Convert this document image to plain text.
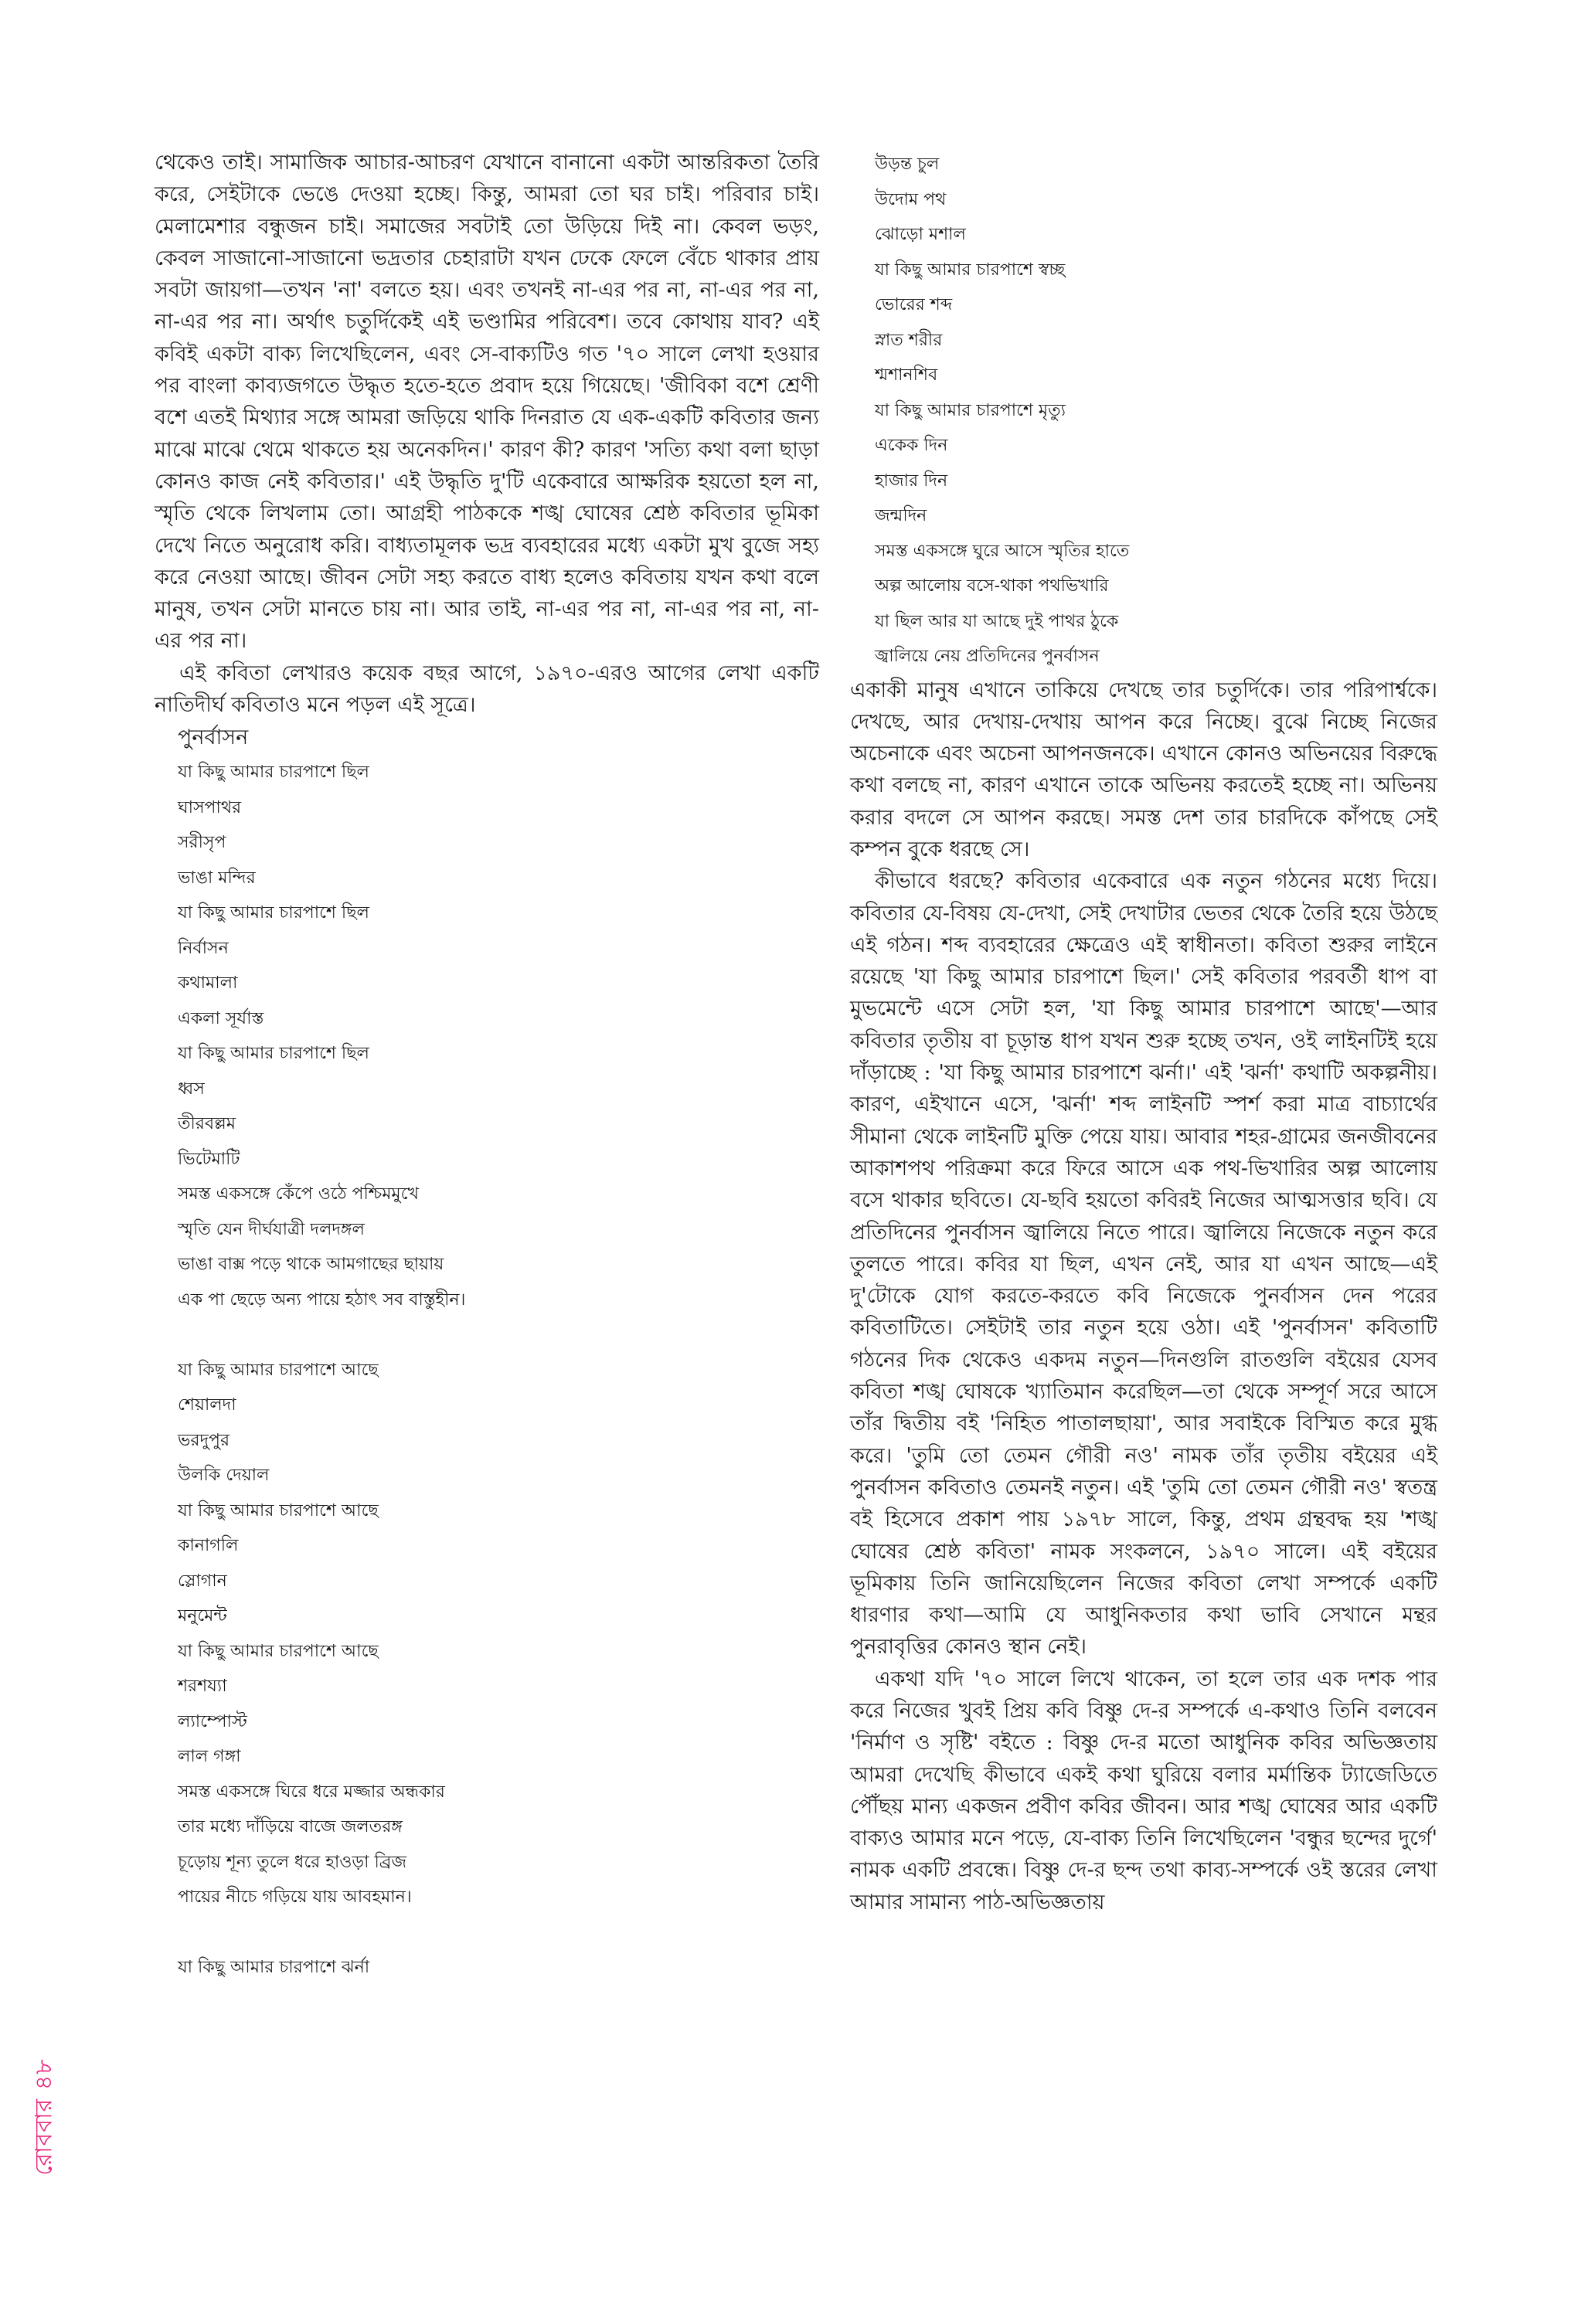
থেকেও তাই। সামাজিক আচার-আচরণ যেখানে বানানো একটা আন্তরিকতা তৈরি করে, সেইটাকে ভেঙে দেওয়া হচ্ছে। কিন্তু, আমরা তো ঘর চাই। পরিবার চাই। মেলামেশার বন্ধুজন চাই। সমাজের সবটাই তো উড়িয়ে দিই না। কেবল ভড়ং, কেবল সাজানো-সাজানো ভদ্রতার চেহারাটা যখন ঢেকে ফেলে বেঁচে থাকার প্রায় সবটা জায়গা—তখন 'না' বলতে হয়। এবং তখনই না-এর পর না, না-এর পর না, না-এর পর না। অর্থাৎ চতুর্দিকেই এই ভণ্ডামির পরিবেশ। তবে কোথায় যাব? এই কবিই একটা বাক্য লিখেছিলেন, এবং সে-বাক্যটিও গত '৭০ সালে লেখা হওয়ার পর বাংলা কাব্যজগতে উদ্ধৃত হতে-হতে প্রবাদ হয়ে গিয়েছে। 'জীবিকা বশে শ্রেণী বশে এতই মিথ্যার সঙ্গে আমরা জড়িয়ে থাকি দিনরাত যে এক-একটি কবিতার জন্য মাঝে মাঝে থেমে থাকতে হয় অনেকদিন।' কারণ কী? কারণ 'সত্যি কথা বলা ছাড়া কোনও কাজ নেই কবিতার।' এই উদ্ধৃতি দু'টি একেবারে আক্ষরিক হয়তো হল না, স্মৃতি থেকে লিখলাম তো। আগ্রহী পাঠককে শঙ্খ ঘোষের শ্রেষ্ঠ কবিতার ভূমিকা দেখে নিতে অনুরোধ করি। বাধ্যতামূলক ভদ্র ব্যবহারের মধ্যে একটা মুখ বুজে সহ্য করে নেওয়া আছে। জীবন সেটা সহ্য করতে বাধ্য হলেও কবিতায় যখন কথা বলে মানুষ, তখন সেটা মানতে চায় না। আর তাই, না-এর পর না, না-এর পর না, না-এর পর না।

এই কবিতা লেখারও কয়েক বছর আগে, ১৯৭০-এরও আগের লেখা একটি নাতিদীর্ঘ কবিতাও মনে পড়ল এই সূত্রে।

পুনর্বাসন
যা কিছু আমার চারপাশে ছিল
ঘাসপাথর
সরীসৃপ
ভাঙা মন্দির
যা কিছু আমার চারপাশে ছিল
নির্বাসন
কথামালা
একলা সূর্যাস্ত
যা কিছু আমার চারপাশে ছিল
ধ্বস
তীরবল্লম
ভিটেমাটি
সমস্ত একসঙ্গে কেঁপে ওঠে পশ্চিমমুখে
স্মৃতি যেন দীর্ঘযাত্রী দলদঙ্গল
ভাঙা বাক্স পড়ে থাকে আমগাছের ছায়ায়
এক পা ছেড়ে অন্য পায়ে হঠাৎ সব বাস্তুহীন।
যা কিছু আমার চারপাশে আছে
শেয়ালদা
ভরদুপুর
উলকি দেয়াল
যা কিছু আমার চারপাশে আছে
কানাগলি
স্লোগান
মনুমেন্ট
যা কিছু আমার চারপাশে আছে
শরশয্যা
ল্যাম্পোস্ট
লাল গঙ্গা
সমস্ত একসঙ্গে ঘিরে ধরে মজ্জার অন্ধকার
তার মধ্যে দাঁড়িয়ে বাজে জলতরঙ্গ
চূড়োয় শূন্য তুলে ধরে হাওড়া ব্রিজ
পায়ের নীচে গড়িয়ে যায় আবহমান।
যা কিছু আমার চারপাশে ঝর্না
উড়ন্ত চুল
উদোম পথ
ঝোড়ো মশাল
যা কিছু আমার চারপাশে স্বচ্ছ
ভোরের শব্দ
স্নাত শরীর
শ্মশানশিব
যা কিছু আমার চারপাশে মৃত্যু
একেক দিন
হাজার দিন
জন্মদিন
সমস্ত একসঙ্গে ঘুরে আসে স্মৃতির হাতে
অল্প আলোয় বসে-থাকা পথভিখারি
যা ছিল আর যা আছে দুই পাথর ঠুকে
জ্বালিয়ে নেয় প্রতিদিনের পুনর্বাসন

একাকী মানুষ এখানে তাকিয়ে দেখছে তার চতুর্দিকে। তার পরিপার্শ্বকে। দেখছে, আর দেখায়-দেখায় আপন করে নিচ্ছে। বুঝে নিচ্ছে নিজের অচেনাকে এবং অচেনা আপনজনকে। এখানে কোনও অভিনয়ের বিরুদ্ধে কথা বলছে না, কারণ এখানে তাকে অভিনয় করতেই হচ্ছে না। অভিনয় করার বদলে সে আপন করছে। সমস্ত দেশ তার চারদিকে কাঁপছে সেই কম্পন বুকে ধরছে সে।

কীভাবে ধরছে? কবিতার একেবারে এক নতুন গঠনের মধ্যে দিয়ে। কবিতার যে-বিষয় যে-দেখা, সেই দেখাটার ভেতর থেকে তৈরি হয়ে উঠছে এই গঠন। শব্দ ব্যবহারের ক্ষেত্রেও এই স্বাধীনতা। কবিতা শুরুর লাইনে রয়েছে 'যা কিছু আমার চারপাশে ছিল।' সেই কবিতার পরবর্তী ধাপ বা মুভমেন্টে এসে সেটা হল, 'যা কিছু আমার চারপাশে আছে'—আর কবিতার তৃতীয় বা চূড়ান্ত ধাপ যখন শুরু হচ্ছে তখন, ওই লাইনটিই হয়ে দাঁড়াচ্ছে : 'যা কিছু আমার চারপাশে ঝর্না।' এই 'ঝর্না' কথাটি অকল্পনীয়। কারণ, এইখানে এসে, 'ঝর্না' শব্দ লাইনটি স্পর্শ করা মাত্র বাচ্যার্থের সীমানা থেকে লাইনটি মুক্তি পেয়ে যায়। আবার শহর-গ্রামের জনজীবনের আকাশপথ পরিক্রমা করে ফিরে আসে এক পথ-ভিখারির অল্প আলোয় বসে থাকার ছবিতে। যে-ছবি হয়তো কবিরই নিজের আত্মসত্তার ছবি। যে প্রতিদিনের পুনর্বাসন জ্বালিয়ে নিতে পারে। জ্বালিয়ে নিজেকে নতুন করে তুলতে পারে। কবির যা ছিল, এখন নেই, আর যা এখন আছে—এই দু'টোকে যোগ করতে-করতে কবি নিজেকে পুনর্বাসন দেন পরের কবিতাটিতে। সেইটাই তার নতুন হয়ে ওঠা। এই 'পুনর্বাসন' কবিতাটি গঠনের দিক থেকেও একদম নতুন—দিনগুলি রাতগুলি বইয়ের যেসব কবিতা শঙ্খ ঘোষকে খ্যাতিমান করেছিল—তা থেকে সম্পূর্ণ সরে আসে তাঁর দ্বিতীয় বই 'নিহিত পাতালছায়া', আর সবাইকে বিস্মিত করে মুগ্ধ করে। 'তুমি তো তেমন গৌরী নও' নামক তাঁর তৃতীয় বইয়ের এই পুনর্বাসন কবিতাও তেমনই নতুন। এই 'তুমি তো তেমন গৌরী নও' স্বতন্ত্র বই হিসেবে প্রকাশ পায় ১৯৭৮ সালে, কিন্তু, প্রথম গ্রন্থবদ্ধ হয় 'শঙ্খ ঘোষের শ্রেষ্ঠ কবিতা' নামক সংকলনে, ১৯৭০ সালে। এই বইয়ের ভূমিকায় তিনি জানিয়েছিলেন নিজের কবিতা লেখা সম্পর্কে একটি ধারণার কথা—আমি যে আধুনিকতার কথা ভাবি সেখানে মন্থর পুনরাবৃত্তির কোনও স্থান নেই।

একথা যদি '৭০ সালে লিখে থাকেন, তা হলে তার এক দশক পার করে নিজের খুবই প্রিয় কবি বিষ্ণু দে-র সম্পর্কে এ-কথাও তিনি বলবেন 'নির্মাণ ও সৃষ্টি' বইতে : বিষ্ণু দে-র মতো আধুনিক কবির অভিজ্ঞতায় আমরা দেখেছি কীভাবে একই কথা ঘুরিয়ে বলার মর্মান্তিক ট্যাজেডিতে পৌঁছয় মান্য একজন প্রবীণ কবির জীবন। আর শঙ্খ ঘোষের আর একটি বাক্যও আমার মনে পড়ে, যে-বাক্য তিনি লিখেছিলেন 'বন্ধুর ছন্দের দুর্গে' নামক একটি প্রবন্ধে। বিষ্ণু দে-র ছন্দ তথা কাব্য-সম্পর্কে ওই স্তরের লেখা আমার সামান্য পাঠ-অভিজ্ঞতায়

রোববার ৪৮
